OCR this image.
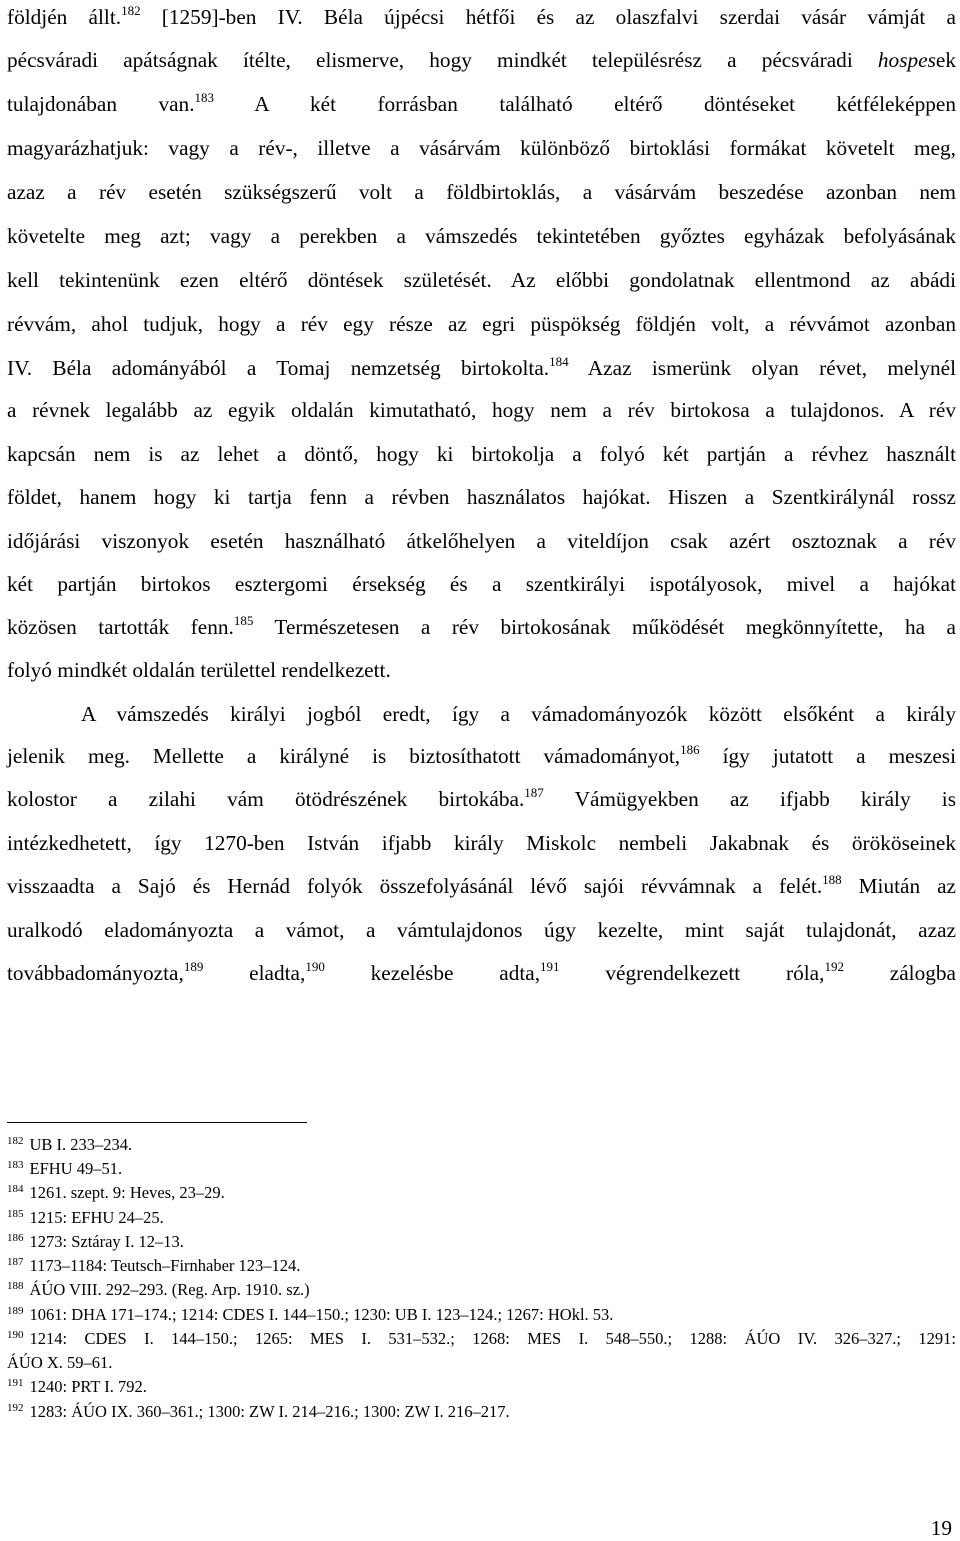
földjén állt.$^{182}$ [1259]-ben IV. Béla újpécsi hétfői és az olaszfalvi szerdai vásár vámját a
pécsváradi apátságnak ítélte, elismerve, hogy mindkét településrész a pécsváradi hospesek
tulajdonában van.$^{183}$ A két forrásban található eltérő döntéseket kétféleképpen
magyarázhatjuk: vagy a rév-, illetve a vásárvám különböző birtoklási formákat követelt meg,
azaz a rév esetén szükségszerű volt a földbirtoklás, a vásárvám beszedése azonban nem
követelte meg azt; vagy a perekben a vámszedés tekintetében győztes egyházak befolyásának
kell tekintenünk ezen eltérő döntések születését. Az előbbi gondolatnak ellentmond az abádi
révvám, ahol tudjuk, hogy a rév egy része az egri püspökség földjén volt, a révvámot azonban
IV. Béla adományából a Tomaj nemzetség birtokolta.$^{184}$ Azaz ismerünk olyan révet, melynél
a révnek legalább az egyik oldalán kimutatható, hogy nem a rév birtokosa a tulajdonos. A rév
kapcsán nem is az lehet a döntő, hogy ki birtokolja a folyó két partján a révhez használt
földet, hanem hogy ki tartja fenn a révben használatos hajókat. Hiszen a Szentkirálynál rossz
időjárási viszonyok esetén használható átkelőhelyen a viteldíjon csak azért osztoznak a rév
két partján birtokos esztergomi érsekség és a szentkirályi ispotályosok, mivel a hajókat
közösen tartották fenn.$^{185}$ Természetesen a rév birtokosának működését megkönnyítette, ha a
folyó mindkét oldalán területtel rendelkezett.
A vámszedés királyi jogból eredt, így a vámadományozók között elsőként a király
jelenik meg. Mellette a királyné is biztosíthatott vámadományot,$^{186}$ így jutatott a meszesi
kolostor a zilahi vám ötödrészének birtokába.$^{187}$ Vámügyekben az ifjabb király is
intézkedhetett, így 1270-ben István ifjabb király Miskolc nembeli Jakabnak és örököseinek
visszaadta a Sajó és Hernád folyók összefolyásánál lévő sajói révvámnak a felét.$^{188}$ Miután az
uralkodó eladományozta a vámot, a vámtulajdonos úgy kezelte, mint saját tulajdonát, azaz
továbbadományozta,$^{189}$ eladta,$^{190}$ kezelésbe adta,$^{191}$ végrendelkezett róla,$^{192}$ zálogba
$^{182}$ UB I. 233–234.
$^{183}$ EFHU 49–51.
$^{184}$ 1261. szept. 9: Heves, 23–29.
$^{185}$ 1215: EFHU 24–25.
$^{186}$ 1273: Sztáray I. 12–13.
$^{187}$ 1173–1184: Teutsch–Firnhaber 123–124.
$^{188}$ ÁÚO VIII. 292–293. (Reg. Arp. 1910. sz.)
$^{189}$ 1061: DHA 171–174.; 1214: CDES I. 144–150.; 1230: UB I. 123–124.; 1267: HOkl. 53.
$^{190}$ 1214: CDES I. 144–150.; 1265: MES I. 531–532.; 1268: MES I. 548–550.; 1288: ÁÚO IV. 326–327.; 1291:
ÁÚO X. 59–61.
$^{191}$ 1240: PRT I. 792.
$^{192}$ 1283: ÁÚO IX. 360–361.; 1300: ZW I. 214–216.; 1300: ZW I. 216–217.
19
